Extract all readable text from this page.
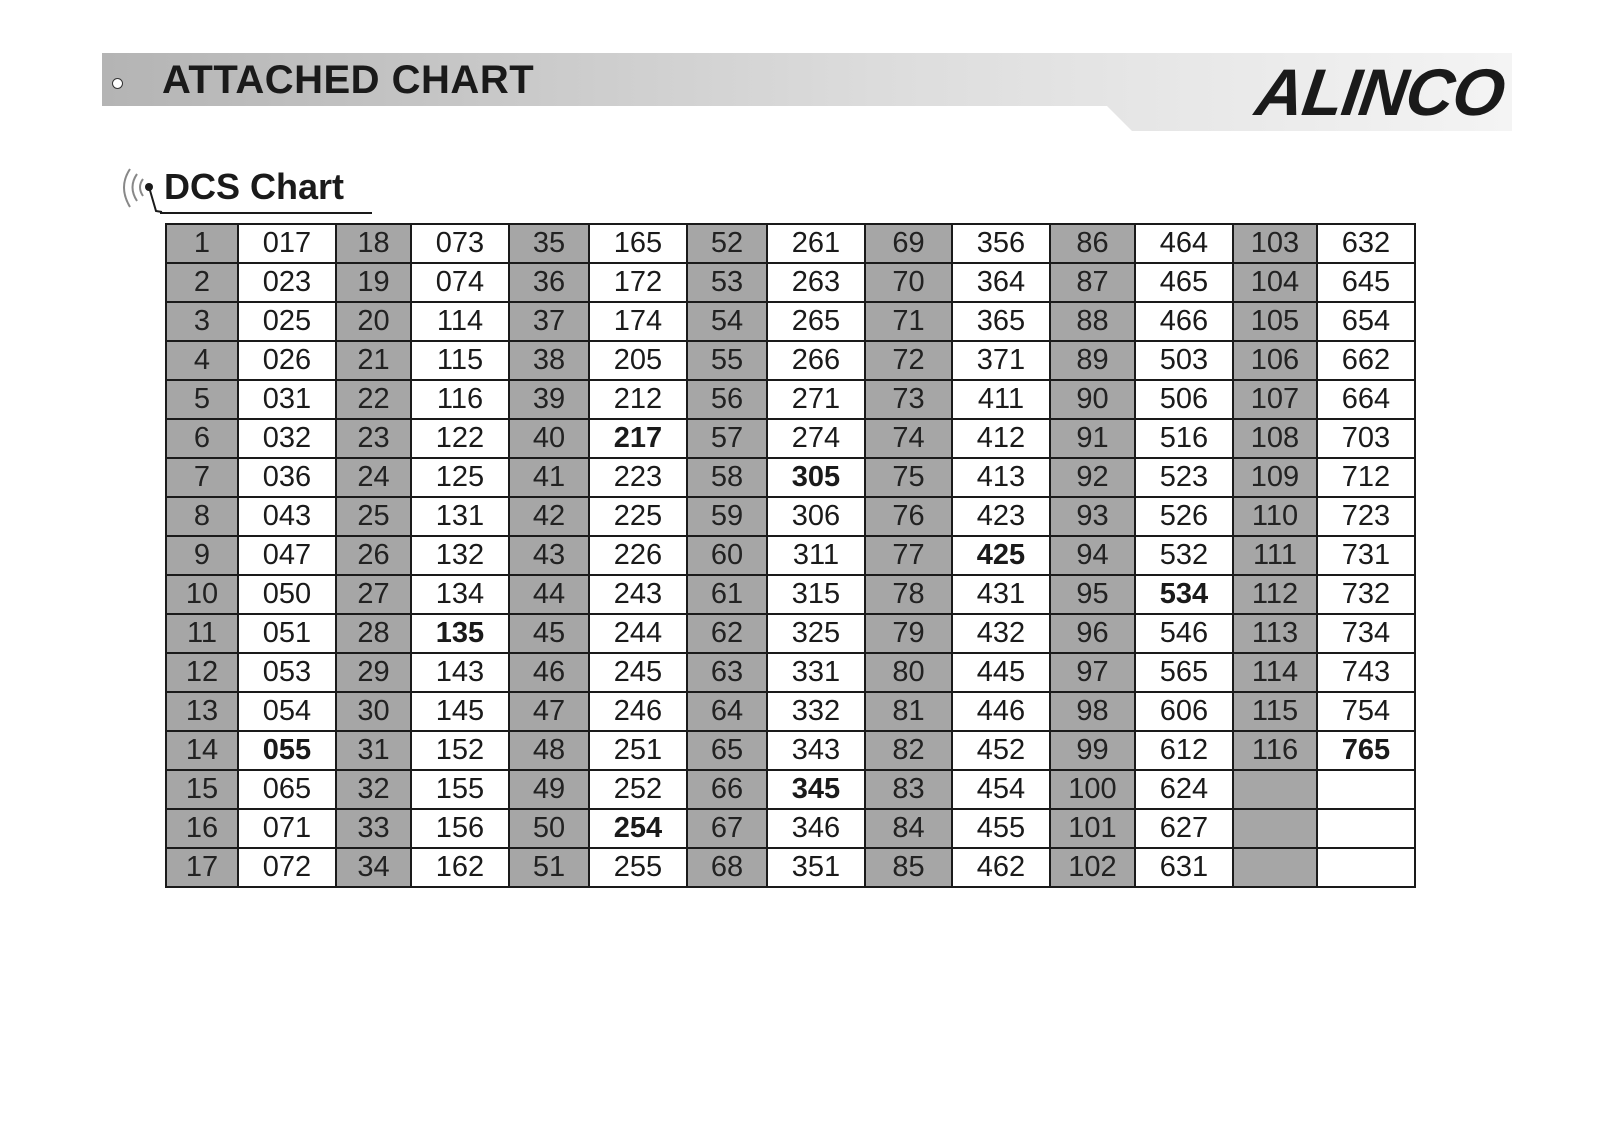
ATTACHED CHART	ALINCO
DCS Chart
1	017	18	073	35	165	52	261	69	356	86	464	103	632
2	023	19	074	36	172	53	263	70	364	87	465	104	645
3	025	20	114	37	174	54	265	71	365	88	466	105	654
4	026	21	115	38	205	55	266	72	371	89	503	106	662
5	031	22	116	39	212	56	271	73	411	90	506	107	664
6	032	23	122	40	217	57	274	74	412	91	516	108	703
7	036	24	125	41	223	58	305	75	413	92	523	109	712
8	043	25	131	42	225	59	306	76	423	93	526	110	723
9	047	26	132	43	226	60	311	77	425	94	532	111	731
10	050	27	134	44	243	61	315	78	431	95	534	112	732
11	051	28	135	45	244	62	325	79	432	96	546	113	734
12	053	29	143	46	245	63	331	80	445	97	565	114	743
13	054	30	145	47	246	64	332	81	446	98	606	115	754
14	055	31	152	48	251	65	343	82	452	99	612	116	765
15	065	32	155	49	252	66	345	83	454	100	624		
16	071	33	156	50	254	67	346	84	455	101	627		
17	072	34	162	51	255	68	351	85	462	102	631		
